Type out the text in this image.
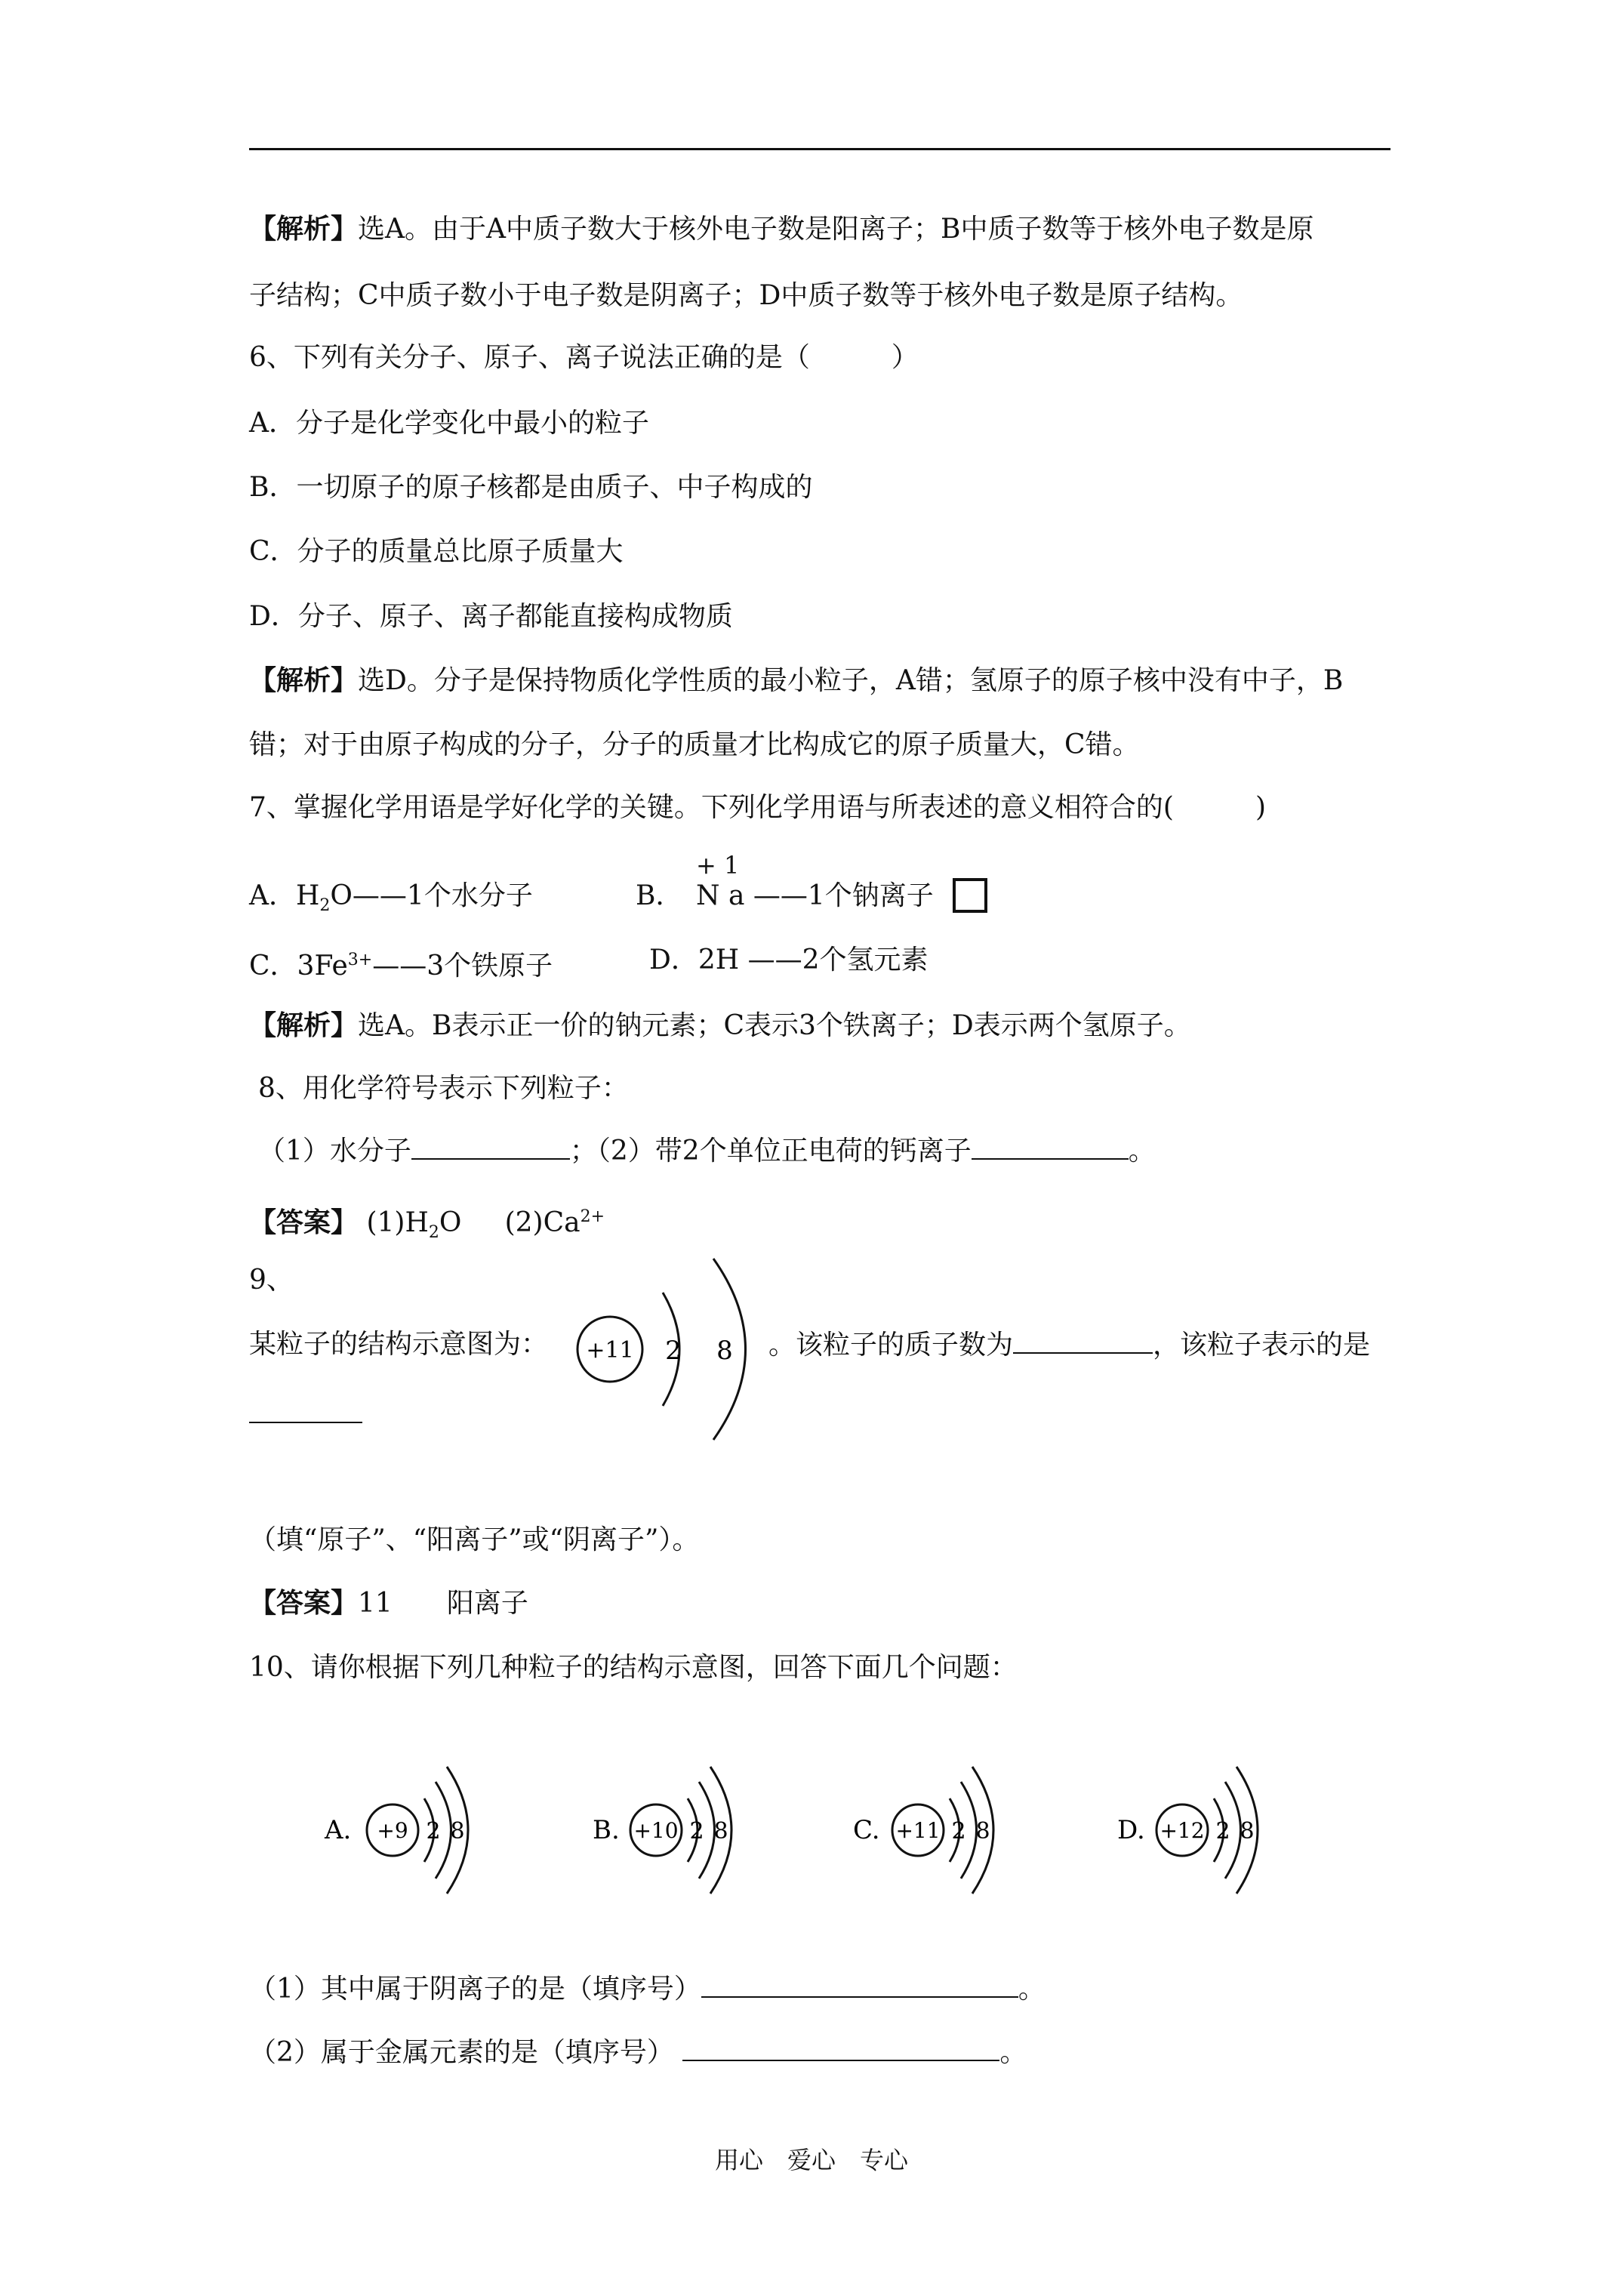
【解析】选A。由于A中质子数大于核外电子数是阳离子；B中质子数等于核外电子数是原
子结构；C中质子数小于电子数是阴离子；D中质子数等于核外电子数是原子结构。
6、下列有关分子、原子、离子说法正确的是（　　　）
A．分子是化学变化中最小的粒子
B．一切原子的原子核都是由质子、中子构成的
C．分子的质量总比原子质量大
D．分子、原子、离子都能直接构成物质
【解析】选D。分子是保持物质化学性质的最小粒子，A错；氢原子的原子核中没有中子，B
错；对于由原子构成的分子，分子的质量才比构成它的原子质量大，C错。
7、掌握化学用语是学好化学的关键。下列化学用语与所表述的意义相符合的(　　　)
A．$H_2O——1$个水分子	B．
+ 1
N a ——1个钠离子
C．$3Fe^{3+}——3$个铁原子	D．2H ——2个氢元素
【解析】选A。B表示正一价的钠元素；C表示3个铁离子；D表示两个氢原子。
8、用化学符号表示下列粒子：
（1）水分子	；（2）带2个单位正电荷的钙离子	。
【答案】 $(1)H_2O$ $(2)Ca^{2+}$
9、
某粒子的结构示意图为： +11 2 8 。该粒子的质子数为	，该粒子表示的是
（填“原子”、“阳离子”或“阴离子”）。
【答案】11　　阳离子
10、请你根据下列几种粒子的结构示意图，回答下面几个问题：
A. +9 2 8	B. +10 2 8	C. +11 2 8	D. +12 2 8
（1）其中属于阴离子的是（填序号）	。
（2）属于金属元素的是（填序号）	。
用心　爱心　专心
